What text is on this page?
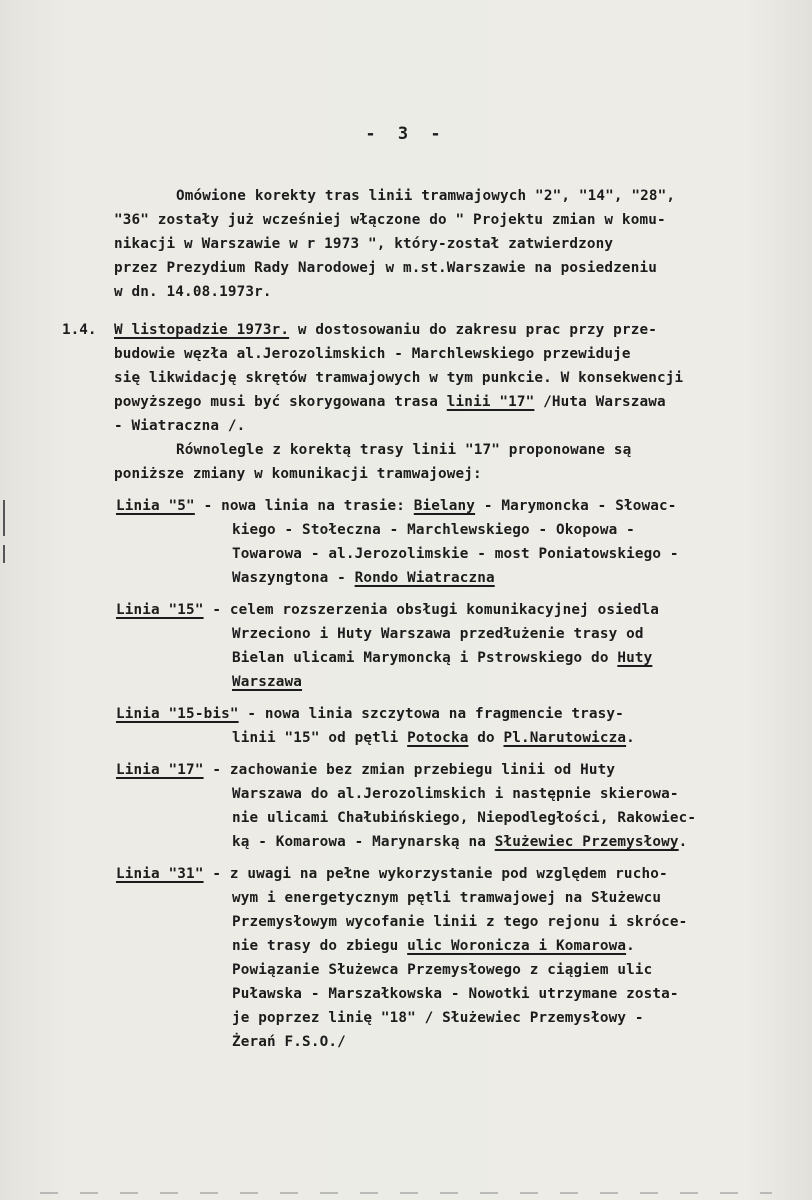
- 3 -
Omówione korekty tras linii tramwajowych "2", "14", "28",
"36" zostały już wcześniej włączone do " Projektu zmian w komu-
nikacji w Warszawie w r 1973 ", który-został zatwierdzony
przez Prezydium Rady Narodowej w m.st.Warszawie na posiedzeniu
w dn. 14.08.1973r.
1.4. W listopadzie 1973r. w dostosowaniu do zakresu prac przy prze-
budowie węzła al.Jerozolimskich - Marchlewskiego przewiduje
się likwidację skrętów tramwajowych w tym punkcie. W konsekwencji
powyższego musi być skorygowana trasa linii "17" /Huta Warszawa
- Wiatraczna /.
Równolegle z korektą trasy linii "17" proponowane są
poniższe zmiany w komunikacji tramwajowej:
Linia "5" - nowa linia na trasie: Bielany - Marymoncka - Słowac-
kiego - Stołeczna - Marchlewskiego - Okopowa -
Towarowa - al.Jerozolimskie - most Poniatowskiego -
Waszyngtona - Rondo Wiatraczna
Linia "15" - celem rozszerzenia obsługi komunikacyjnej osiedla
Wrzeciono i Huty Warszawa przedłużenie trasy od
Bielan ulicami Marymoncką i Pstrowskiego do Huty
Warszawa
Linia "15-bis" - nowa linia szczytowa na fragmencie trasy-
linii "15" od pętli Potocka do Pl.Narutowicza.
Linia "17" - zachowanie bez zmian przebiegu linii od Huty
Warszawa do al.Jerozolimskich i następnie skierowa-
nie ulicami Chałubińskiego, Niepodległości, Rakowiec-
ką - Komarowa - Marynarską na Służewiec Przemysłowy.
Linia "31" - z uwagi na pełne wykorzystanie pod względem rucho-
wym i energetycznym pętli tramwajowej na Służewcu
Przemysłowym wycofanie linii z tego rejonu i skróce-
nie trasy do zbiegu ulic Woronicza i Komarowa.
Powiązanie Służewca Przemysłowego z ciągiem ulic
Puławska - Marszałkowska - Nowotki utrzymane zosta-
je poprzez linię "18" / Służewiec Przemysłowy -
Żerań F.S.O./
